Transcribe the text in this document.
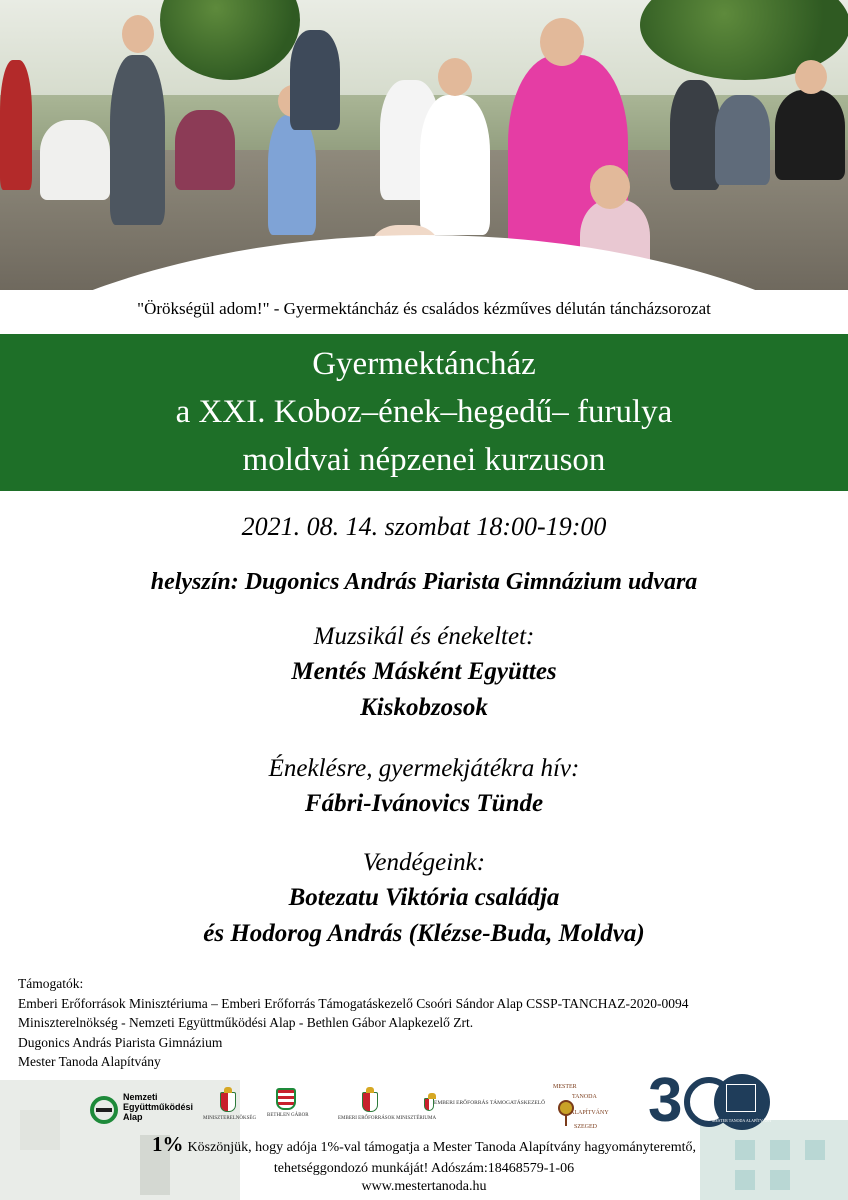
"Örökségül adom!" - Gyermektáncház és családos kézműves délután táncházsorozat
Gyermektáncház
a XXI. Koboz–ének–hegedű– furulya
moldvai népzenei kurzuson
2021. 08. 14. szombat 18:00-19:00
helyszín: Dugonics András Piarista Gimnázium udvara
Muzsikál és énekeltet:
Mentés Másként Együttes
Kiskobzosok
Éneklésre, gyermekjátékra hív:
Fábri-Ivánovics Tünde
Vendégeink:
Botezatu Viktória családja
és Hodorog András (Klézse-Buda, Moldva)
Támogatók:
Emberi Erőforrások Minisztériuma – Emberi Erőforrás Támogatáskezelő Csoóri Sándor Alap CSSP-TANCHAZ-2020-0094
Miniszterelnökség - Nemzeti Együttműködési Alap - Bethlen Gábor Alapkezelő Zrt.
Dugonics András Piarista Gimnázium
Mester Tanoda Alapítvány
Nemzeti
Együttműködési
Alap	MINISZTERELNÖKSÉG
BETHLEN GÁBOR
EMBERI ERŐFORRÁSOK MINISZTÉRIUMA
EMBERI ERŐFORRÁS TÁMOGATÁSKEZELŐ
MESTER
TANODA
ALAPÍTVÁNY
SZEGED 3	MESTER TANODA ALAPÍTVÁNY
1% Köszönjük, hogy adója 1%-val támogatja a Mester Tanoda Alapítvány hagyományteremtő,
tehetséggondozó munkáját! Adószám:18468579-1-06
www.mestertanoda.hu
